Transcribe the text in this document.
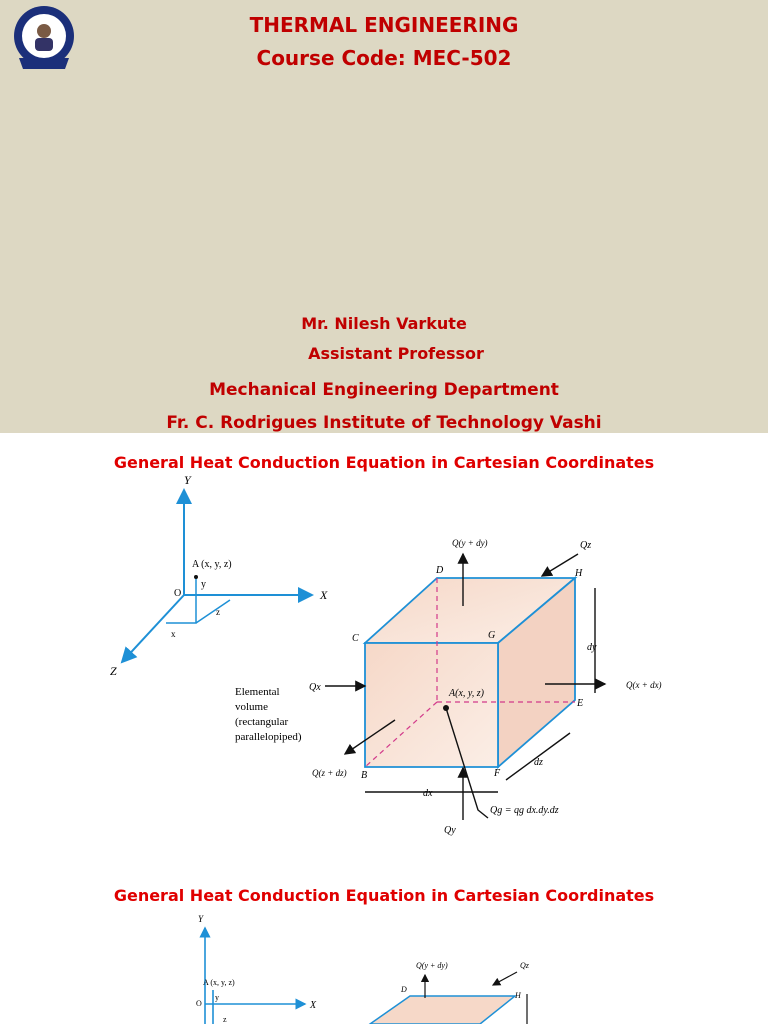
THERMAL ENGINEERING
Course Code: MEC-502
Mr. Nilesh Varkute
Assistant Professor
Mechanical Engineering Department
Fr. C. Rodrigues Institute of Technology Vashi
General Heat Conduction Equation in Cartesian Coordinates
Y
X
Z
A (x, y, z)
O
y
z
x
D	H
C	G
E
B	F
Q(y + dy)	Qz
Qx	Q(x + dx)
Q(z + dz)
Qy
Qg = qg dx.dy.dz
A(x, y, z)
dx
dy
dz
Elemental
volume
(rectangular
parallelopiped)
General Heat Conduction Equation in Cartesian Coordinates
Y
X
A (x, y, z)
O
y
z
Q(y + dy)	Qz
D
H
